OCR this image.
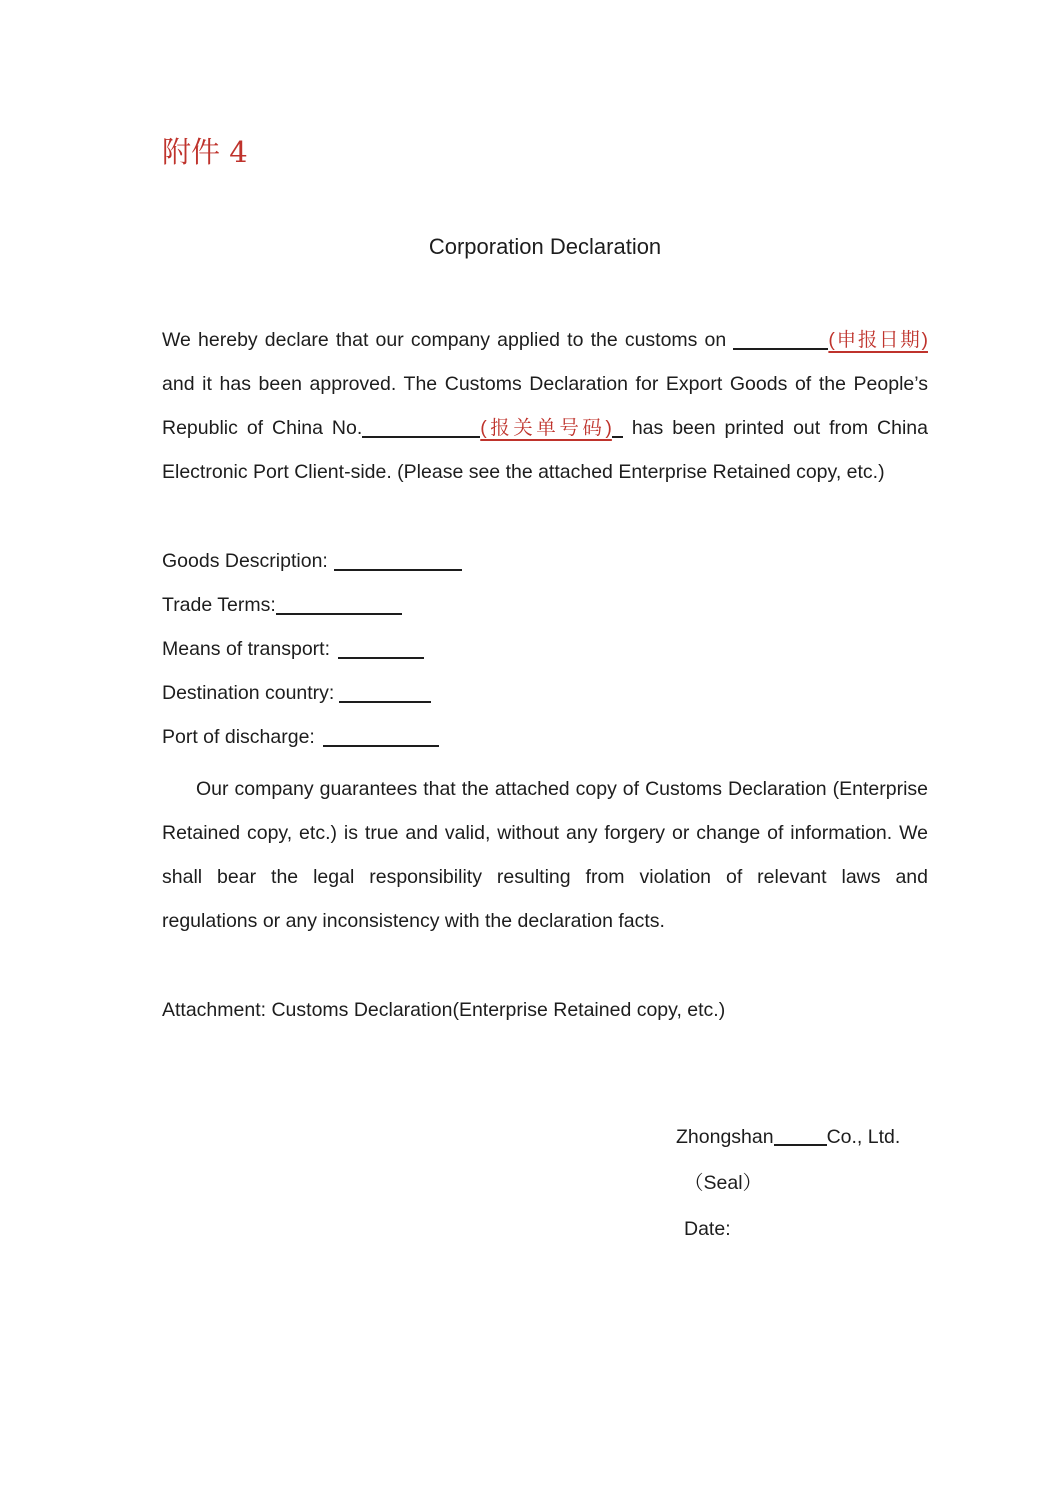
附件 4
Corporation Declaration
We hereby declare that our company applied to the customs on	(申报日期)
and it has been approved. The Customs Declaration for Export Goods of the People’s
Republic of China No.	(报关单号码) has been printed out from China
Electronic Port Client-side. (Please see the attached Enterprise Retained copy, etc.)
Goods Description:
Trade Terms:
Means of transport:
Destination country:
Port of discharge:
Our company guarantees that the attached copy of Customs Declaration (Enterprise
Retained copy, etc.) is true and valid, without any forgery or change of information. We
shall bear the legal responsibility resulting from violation of relevant laws and
regulations or any inconsistency with the declaration facts.
Attachment: Customs Declaration(Enterprise Retained copy, etc.)
Zhongshan	Co., Ltd.
（Seal）
Date:
